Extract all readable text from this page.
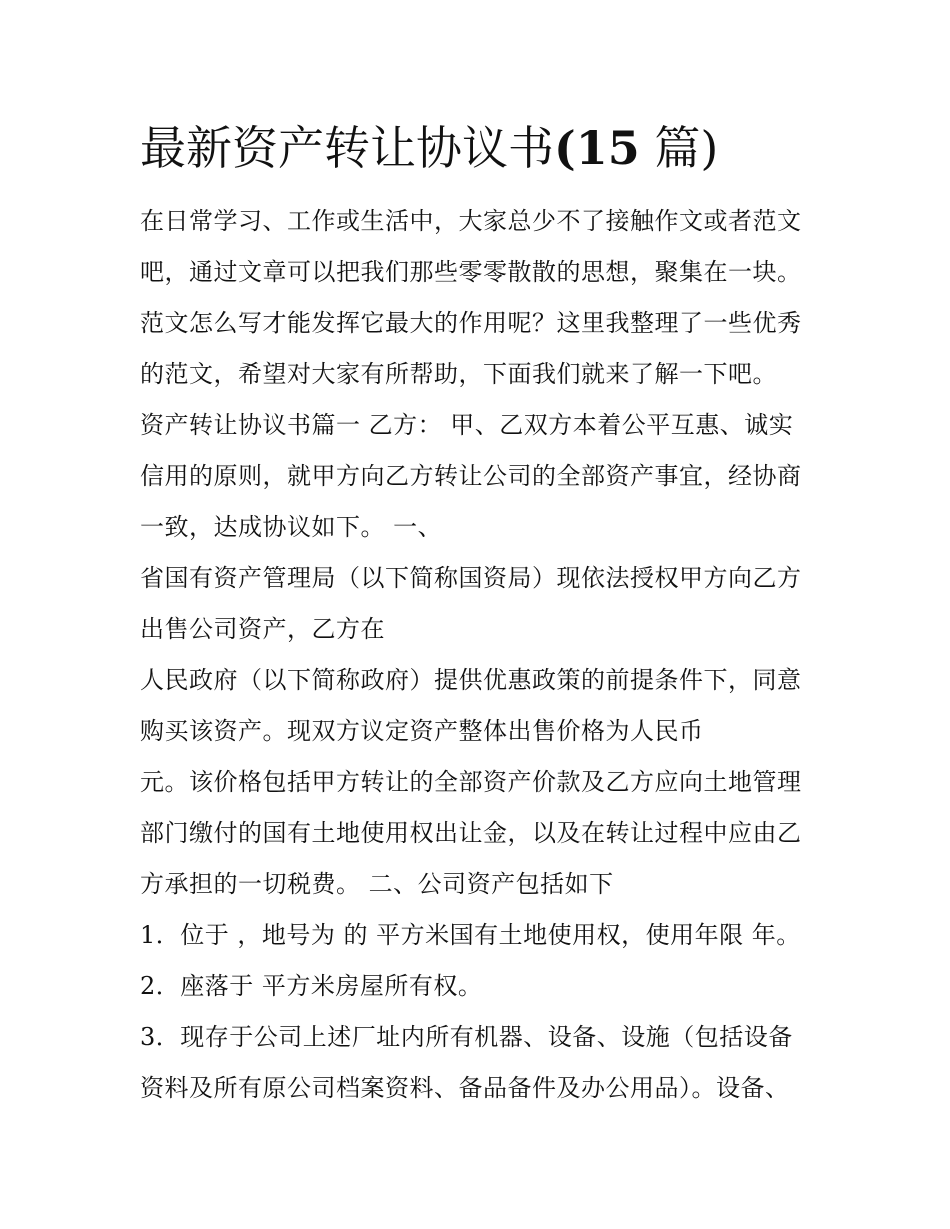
最新资产转让协议书(15 篇)

在日常学习、工作或生活中，大家总少不了接触作文或者范文

吧，通过文章可以把我们那些零零散散的思想，聚集在一块。

范文怎么写才能发挥它最大的作用呢？这里我整理了一些优秀

的范文，希望对大家有所帮助，下面我们就来了解一下吧。

资产转让协议书篇一 乙方： 甲、乙双方本着公平互惠、诚实

信用的原则，就甲方向乙方转让公司的全部资产事宜，经协商

一致，达成协议如下。 一、

省国有资产管理局（以下简称国资局）现依法授权甲方向乙方

出售公司资产，乙方在

人民政府（以下简称政府）提供优惠政策的前提条件下，同意

购买该资产。现双方议定资产整体出售价格为人民币

元。该价格包括甲方转让的全部资产价款及乙方应向土地管理

部门缴付的国有土地使用权出让金，以及在转让过程中应由乙

方承担的一切税费。 二、公司资产包括如下

1．位于 ，地号为 的 平方米国有土地使用权，使用年限 年。

2．座落于 平方米房屋所有权。

3．现存于公司上述厂址内所有机器、设备、设施（包括设备

资料及所有原公司档案资料、备品备件及办公用品）。设备、
